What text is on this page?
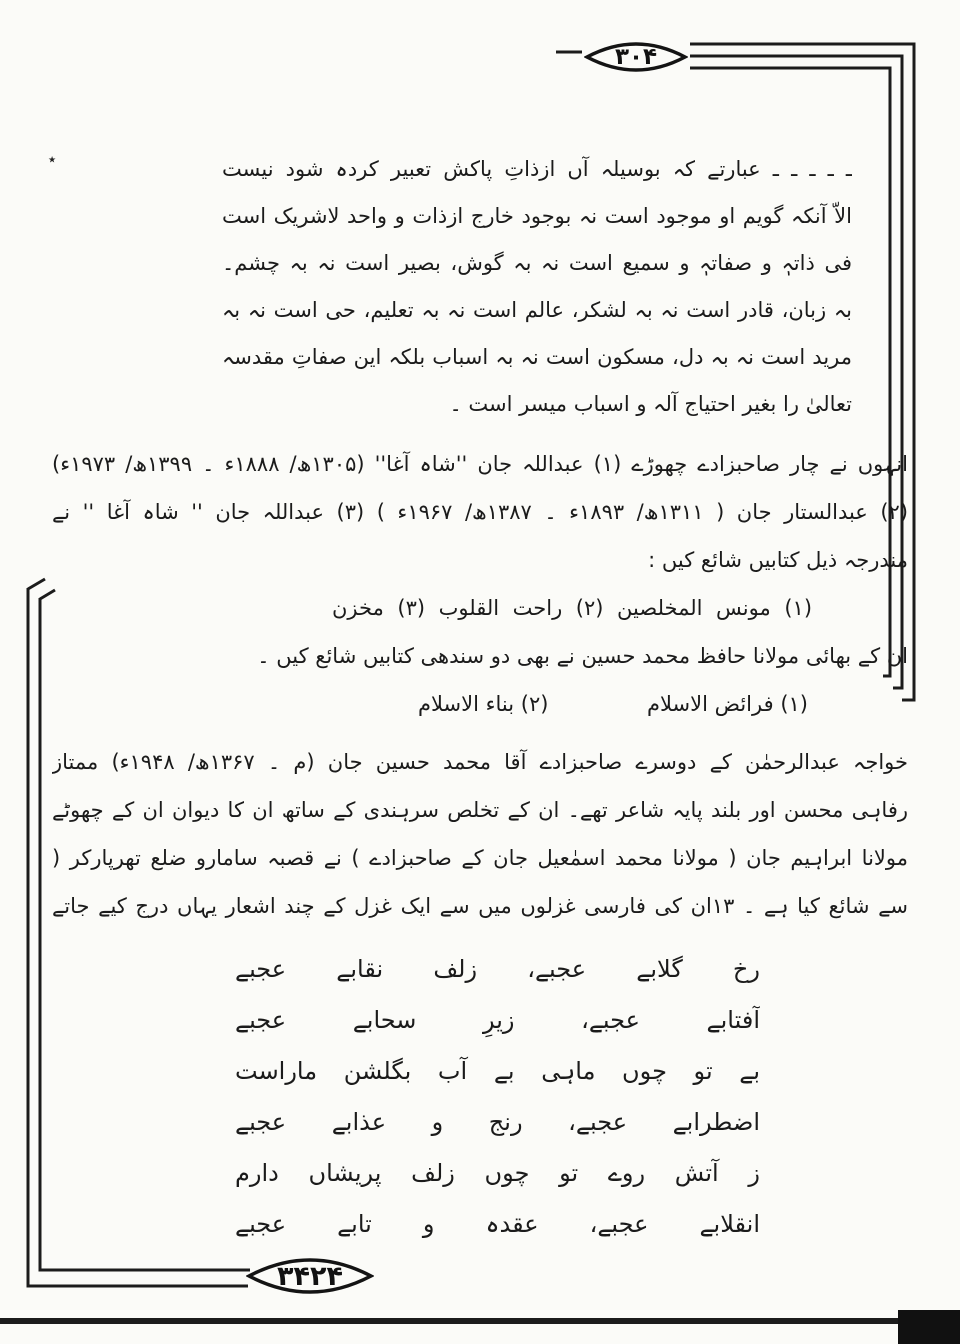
۳۰۴
۳۴۲۴
٭	ـ ـ ـ ـ ـ عبارتے کہ بوسیلہ آں ازذاتِ پاکش تعبیر کردہ شود نیست
الاّ آنکہ گویم او موجود است نہ بوجود خارج ازذات و واحد لاشریک است
فی ذاتہٖ و صفاتہٖ و سمیع است نہ بہ گوش، بصیر است نہ بہ چشم۔
بہ زبان، قادر است نہ بہ لشکر، عالم است نہ بہ تعلیم، حی است نہ بہ
مرید است نہ بہ دل، مسکون است نہ بہ اسباب بلکہ این صفاتِ مقدسہ
تعالیٰ را بغیر احتیاج آلہ و اسباب میسر است ۔
انہوں نے چار صاحبزادے چھوڑے (۱) عبداللہ جان ''شاہ آغا'' (۱۳۰۵ھ/ ۱۸۸۸ء ۔ ۱۳۹۹ھ/ ۱۹۷۳ء)
(۲) عبدالستار جان ( ۱۳۱۱ھ/ ۱۸۹۳ء ۔ ۱۳۸۷ھ/ ۱۹۶۷ء ) (۳) عبداللہ جان '' شاہ آغا '' نے
مندرجہ ذیل کتابیں شائع کیں :
(۱) مونس المخلصین (۲) راحت القلوب (۳) مخزن
ان کے بھائی مولانا حافظ محمد حسین نے بھی دو سندھی کتابیں شائع کیں ۔
(۱) فرائض الاسلام
(۲) بناء الاسلام
خواجہ عبدالرحمٰن کے دوسرے صاحبزادے آقا محمد حسین جان (م ۔ ۱۳۶۷ھ/ ۱۹۴۸ء) ممتاز
رفاہی محسن اور بلند پایہ شاعر تھے۔ ان کے تخلص سرہندی کے ساتھ ان کا دیوان ان کے چھوٹے
مولانا ابراہیم جان ( مولانا محمد اسمٰعیل جان کے صاحبزادے ) نے قصبہ سامارو ضلع تھرپارکر (
سے شائع کیا ہے ۔ ۱۳ان کی فارسی غزلوں میں سے ایک غزل کے چند اشعار یہاں درج کیے جاتے
رخ گلابے عجبے، زلف نقابے عجبے
آفتابے عجبے، زیرِ سحابے عجبے
بے تو چوں ماہی بے آب بگلشن ماراست
اضطرابے عجبے، رنج و عذابے عجبے
ز آتش روے تو چوں زلف پریشاں دارم
انقلابے عجبے، عقدہ و تابے عجبے
